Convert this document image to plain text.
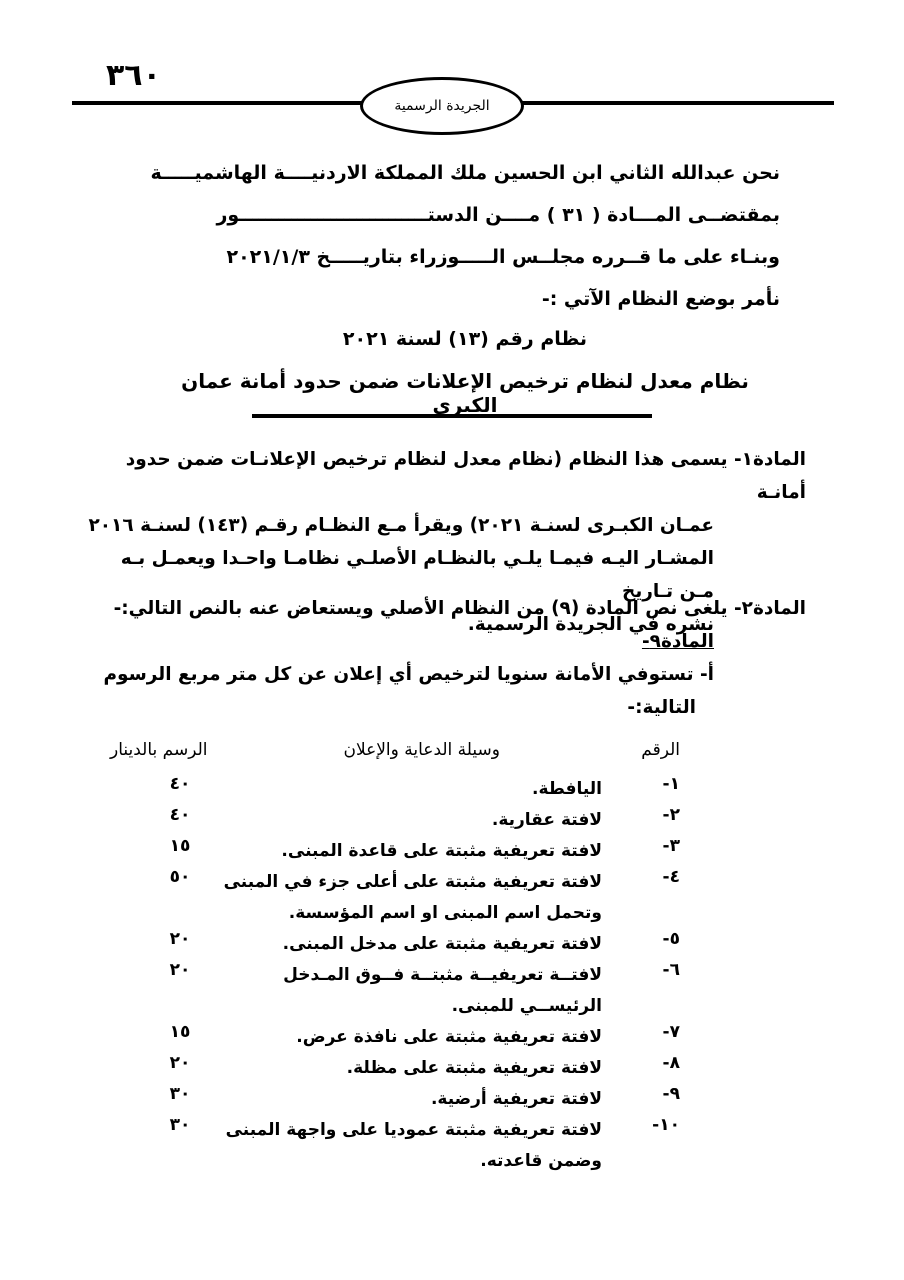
٣٦٠
الجريدة الرسمية
نحن عبدالله الثاني ابن الحسين ملك المملكة الاردنيــــة الهاشميـــــة
بمقتضــى المـــادة ( ٣١ ) مــــن الدستـــــــــــــــــــــــــــــور
وبنـاء على ما قــرره مجلــس الـــــوزراء بتاريـــــخ ٢٠٢١/١/٣
نأمر بوضع النظام الآتي :-
نظام رقم (١٣) لسنة ٢٠٢١
نظام معدل لنظام ترخيص الإعلانات ضمن حدود أمانة عمان الكبرى
المادة١- يسمى هذا النظام (نظام معدل لنظام ترخيص الإعلانـات ضمن حدود أمانـة
عمـان الكبـرى لسنـة ٢٠٢١) ويقرأ مـع النظـام رقـم (١٤٣) لسنـة ٢٠١٦
المشـار اليـه فيمـا يلـي بالنظـام الأصلـي نظامـا واحـدا ويعمـل بـه مـن تـاريخ
نشره في الجريدة الرسمية.
المادة٢- يلغى نص المادة (٩) من النظام الأصلي ويستعاض عنه بالنص التالي:-
المادة٩-
أ- تستوفي الأمانة سنويا لترخيص أي إعلان عن كل متر مربع الرسوم
التالية:-
الرقم
وسيلة الدعاية والإعلان
الرسم بالدينار
١-
اليافطة.
٤٠
٢-
لافتة عقارية.
٤٠
٣-
لافتة تعريفية مثبتة على قاعدة المبنى.
١٥
٤-
لافتة تعريفية مثبتة على أعلى جزء في المبنى وتحمل اسم المبنى او اسم المؤسسة.
٥٠
٥-
لافتة تعريفية مثبتة على مدخل المبنى.
٢٠
٦-
لافتــة تعريفيــة مثبتــة فــوق المـدخل الرئيســي للمبنى.
٢٠
٧-
لافتة تعريفية مثبتة على نافذة عرض.
١٥
٨-
لافتة تعريفية مثبتة على مظلة.
٢٠
٩-
لافتة تعريفية أرضية.
٣٠
١٠-
لافتة تعريفية مثبتة عموديا على واجهة المبنى وضمن قاعدته.
٣٠
